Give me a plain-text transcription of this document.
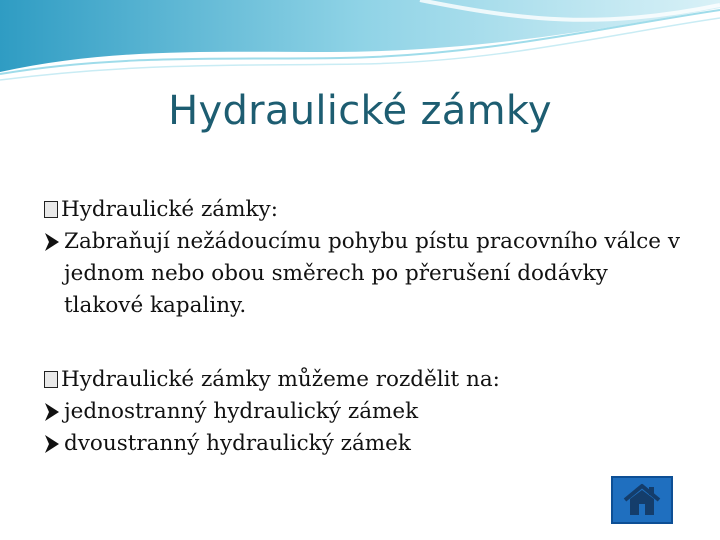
Hydraulické zámky
Hydraulické zámky:
Zabraňují nežádoucímu pohybu pístu pracovního válce v jednom nebo obou směrech po přerušení dodávky tlakové kapaliny.
Hydraulické zámky můžeme rozdělit na:
jednostranný hydraulický zámek
dvoustranný hydraulický zámek
